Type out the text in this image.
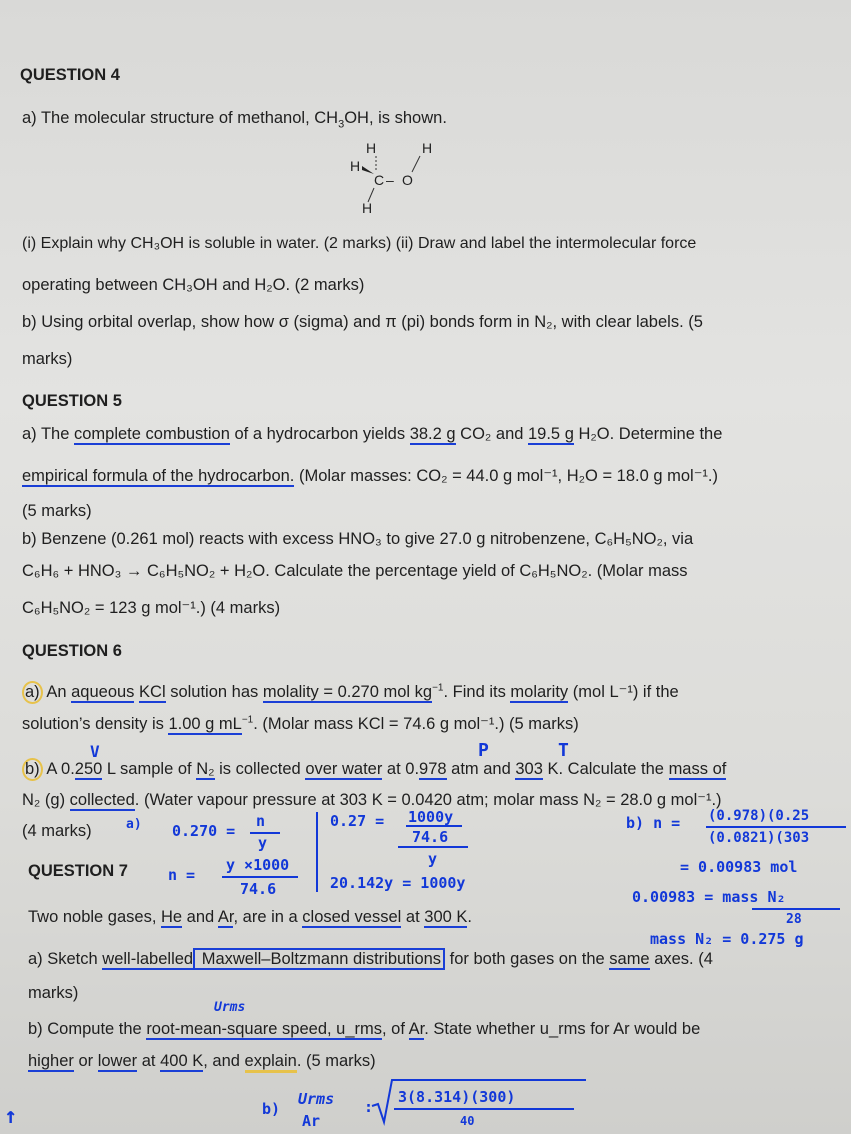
QUESTION 4
a) The molecular structure of methanol, $CH_3OH$, is shown.
H	H
H
C – O
H
(i) Explain why CH₃OH is soluble in water. (2 marks) (ii) Draw and label the intermolecular force
operating between CH₃OH and H₂O. (2 marks)
b) Using orbital overlap, show how σ (sigma) and π (pi) bonds form in N₂, with clear labels. (5
marks)
QUESTION 5
a) The complete combustion of a hydrocarbon yields 38.2 g CO₂ and 19.5 g H₂O. Determine the
empirical formula of the hydrocarbon. (Molar masses: CO₂ = 44.0 g mol⁻¹, H₂O = 18.0 g mol⁻¹.)
(5 marks)
b) Benzene (0.261 mol) reacts with excess HNO₃ to give 27.0 g nitrobenzene, C₆H₅NO₂, via
C₆H₆ + HNO₃ → C₆H₅NO₂ + H₂O. Calculate the percentage yield of C₆H₅NO₂. (Molar mass
C₆H₅NO₂ = 123 g mol⁻¹.) (4 marks)
QUESTION 6
a) An aqueous KCl solution has molality = 0.270 mol $kg^{-1}$. Find its molarity (mol L⁻¹) if the
solution’s density is 1.00 g $mL^{-1}$. (Molar mass KCl = 74.6 g mol⁻¹.) (5 marks)
b) A 0.250 L sample of N₂ is collected over water at 0.978 atm and 303 K. Calculate the mass of
N₂ (g) collected. (Water vapour pressure at 303 K = 0.0420 atm; molar mass N₂ = 28.0 g mol⁻¹.)
(4 marks)
QUESTION 7
Two noble gases, He and Ar, are in a closed vessel at 300 K.
a) Sketch well-labelled Maxwell–Boltzmann distributions for both gases on the same axes. (4
marks)
b) Compute the root-mean-square speed, u_rms, of Ar. State whether u_rms for Ar would be
higher or lower at 400 K, and explain. (5 marks)
V	P	T
a) 0.270 =
n
y
n =
y ×1000
74.6
0.27 = 1000y
74.6
y
20.142y = 1000y
b) n = (0.978)(0.25
(0.0821)(303
= 0.00983 mol
0.00983 = mass N₂
28
mass N₂ = 0.275 g
Urms
b)
Urms
Ar
:
3(8.314)(300)
40
↑
